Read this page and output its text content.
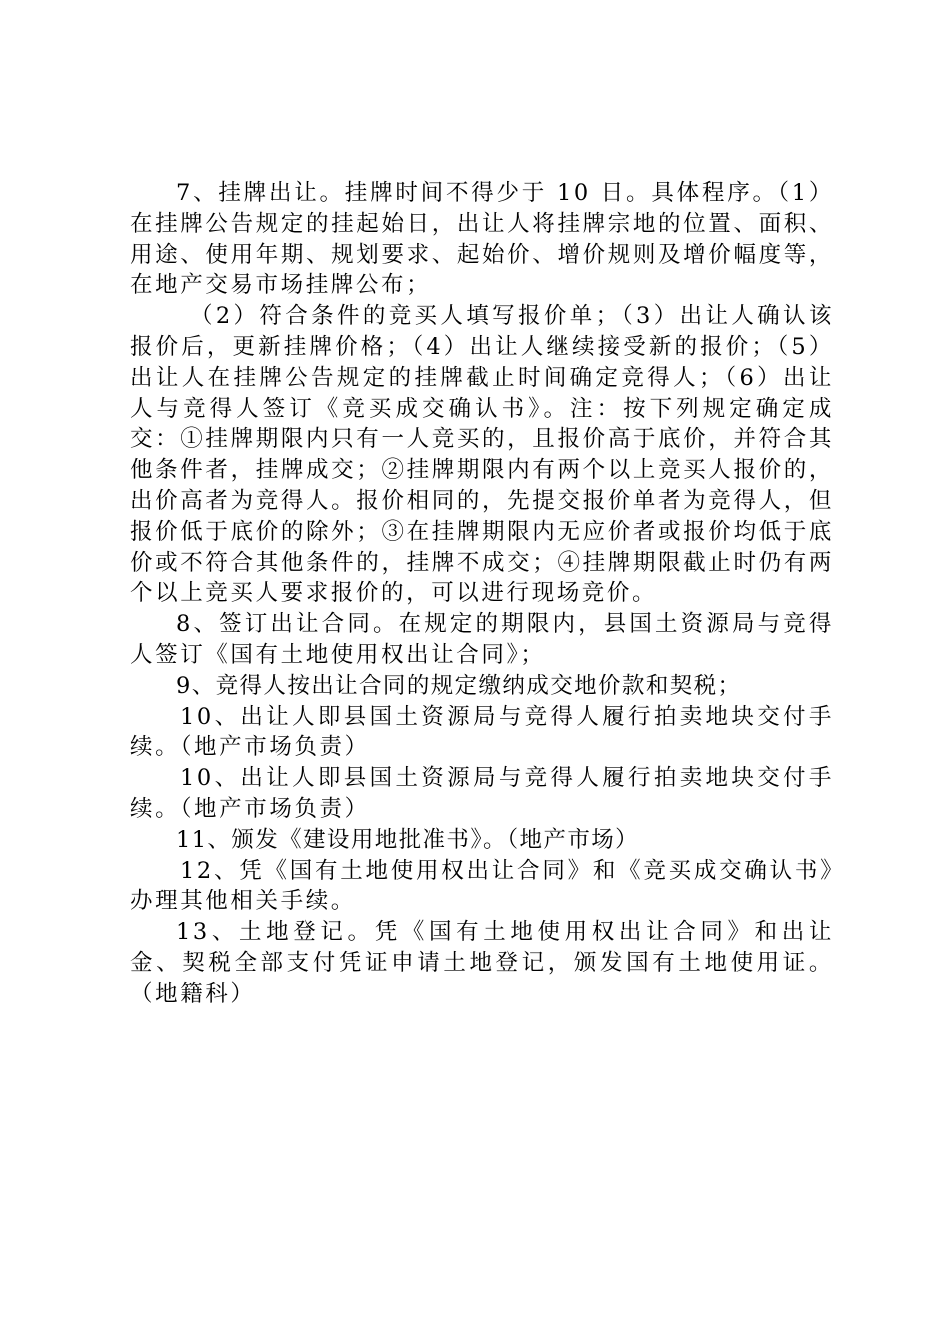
7、挂牌出让。挂牌时间不得少于 10 日。具体程序。（1）在挂牌公告规定的挂起始日，出让人将挂牌宗地的位置、面积、用途、使用年期、规划要求、起始价、增价规则及增价幅度等，在地产交易市场挂牌公布；

（2）符合条件的竞买人填写报价单；（3）出让人确认该报价后，更新挂牌价格；（4）出让人继续接受新的报价；（5）出让人在挂牌公告规定的挂牌截止时间确定竞得人；（6）出让人与竞得人签订《竞买成交确认书》。注：按下列规定确定成交：①挂牌期限内只有一人竞买的，且报价高于底价，并符合其他条件者，挂牌成交；②挂牌期限内有两个以上竞买人报价的，出价高者为竞得人。报价相同的，先提交报价单者为竞得人，但报价低于底价的除外；③在挂牌期限内无应价者或报价均低于底价或不符合其他条件的，挂牌不成交；④挂牌期限截止时仍有两个以上竞买人要求报价的，可以进行现场竞价。

8、签订出让合同。在规定的期限内，县国土资源局与竞得人签订《国有土地使用权出让合同》；

9、竞得人按出让合同的规定缴纳成交地价款和契税；

10、出让人即县国土资源局与竞得人履行拍卖地块交付手续。（地产市场负责）

10、出让人即县国土资源局与竞得人履行拍卖地块交付手续。（地产市场负责）

11、颁发《建设用地批准书》。（地产市场）

12、凭《国有土地使用权出让合同》和《竞买成交确认书》办理其他相关手续。

13、土地登记。凭《国有土地使用权出让合同》和出让金、契税全部支付凭证申请土地登记，颁发国有土地使用证。（地籍科）
